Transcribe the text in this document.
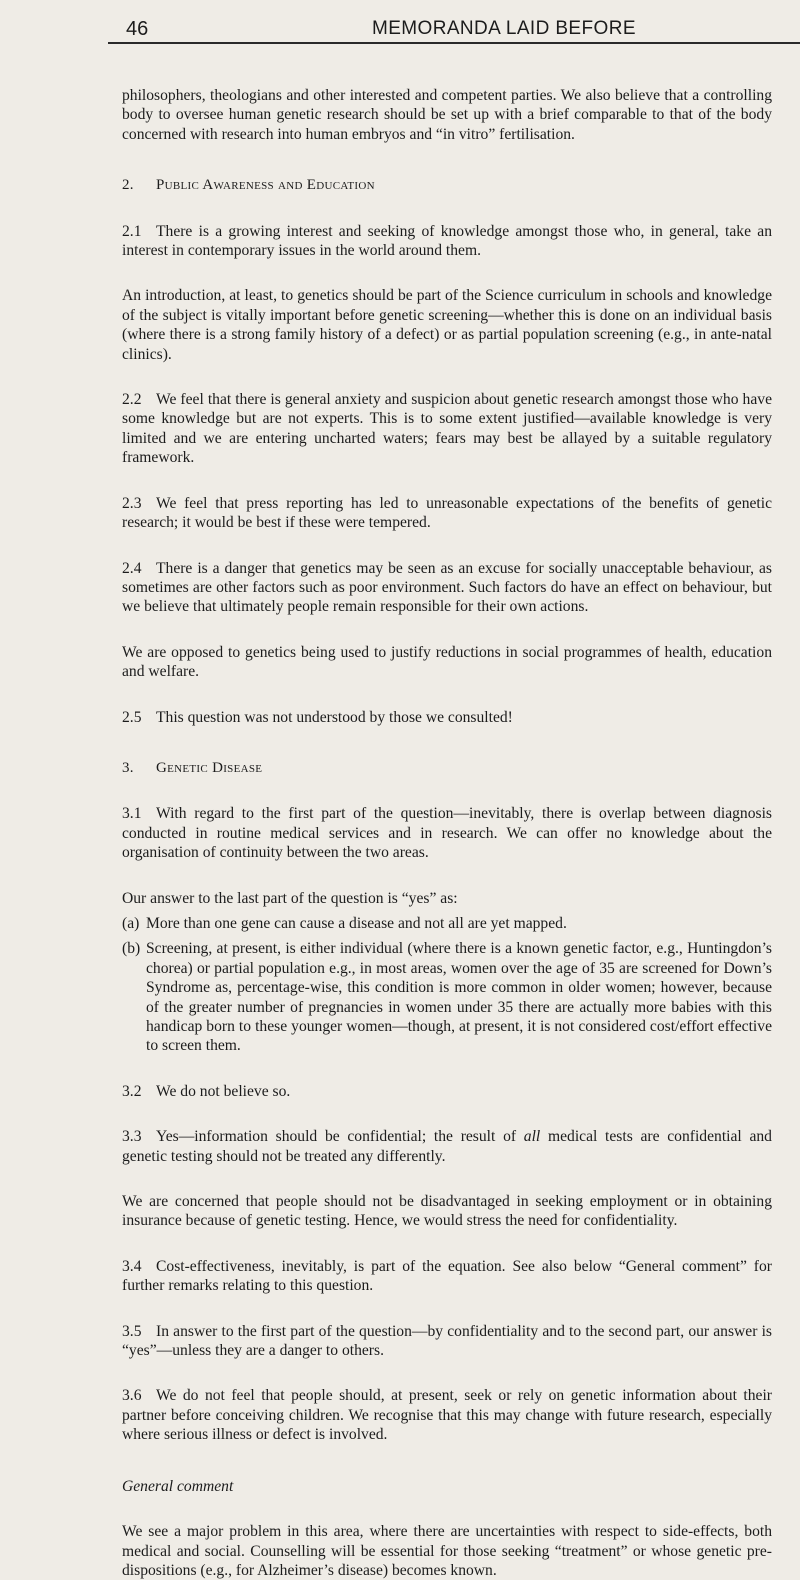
46	MEMORANDA LAID BEFORE

philosophers, theologians and other interested and competent parties. We also believe that a controlling body to oversee human genetic research should be set up with a brief comparable to that of the body concerned with research into human embryos and “in vitro” fertilisation.

2. Public Awareness and Education

2.1 There is a growing interest and seeking of knowledge amongst those who, in general, take an interest in contemporary issues in the world around them.

An introduction, at least, to genetics should be part of the Science curriculum in schools and knowledge of the subject is vitally important before genetic screening—whether this is done on an individual basis (where there is a strong family history of a defect) or as partial population screening (e.g., in ante-natal clinics).

2.2 We feel that there is general anxiety and suspicion about genetic research amongst those who have some knowledge but are not experts. This is to some extent justified—available knowledge is very limited and we are entering uncharted waters; fears may best be allayed by a suitable regulatory framework.

2.3 We feel that press reporting has led to unreasonable expectations of the benefits of genetic research; it would be best if these were tempered.

2.4 There is a danger that genetics may be seen as an excuse for socially unacceptable behaviour, as sometimes are other factors such as poor environment. Such factors do have an effect on behaviour, but we believe that ultimately people remain responsible for their own actions.

We are opposed to genetics being used to justify reductions in social programmes of health, education and welfare.

2.5 This question was not understood by those we consulted!

3. Genetic Disease

3.1 With regard to the first part of the question—inevitably, there is overlap between diagnosis conducted in routine medical services and in research. We can offer no knowledge about the organisation of continuity between the two areas.

Our answer to the last part of the question is “yes” as:

(a) More than one gene can cause a disease and not all are yet mapped.
(b) Screening, at present, is either individual (where there is a known genetic factor, e.g., Huntingdon’s chorea) or partial population e.g., in most areas, women over the age of 35 are screened for Down’s Syndrome as, percentage-wise, this condition is more common in older women; however, because of the greater number of pregnancies in women under 35 there are actually more babies with this handicap born to these younger women—though, at present, it is not considered cost/effort effective to screen them.

3.2 We do not believe so.

3.3 Yes—information should be confidential; the result of all medical tests are confidential and genetic testing should not be treated any differently.

We are concerned that people should not be disadvantaged in seeking employment or in obtaining insurance because of genetic testing. Hence, we would stress the need for confidentiality.

3.4 Cost-effectiveness, inevitably, is part of the equation. See also below “General comment” for further remarks relating to this question.

3.5 In answer to the first part of the question—by confidentiality and to the second part, our answer is “yes”—unless they are a danger to others.

3.6 We do not feel that people should, at present, seek or rely on genetic information about their partner before conceiving children. We recognise that this may change with future research, especially where serious illness or defect is involved.

General comment

We see a major problem in this area, where there are uncertainties with respect to side-effects, both medical and social. Counselling will be essential for those seeking “treatment” or whose genetic pre-dispositions (e.g., for Alzheimer’s disease) becomes known.
